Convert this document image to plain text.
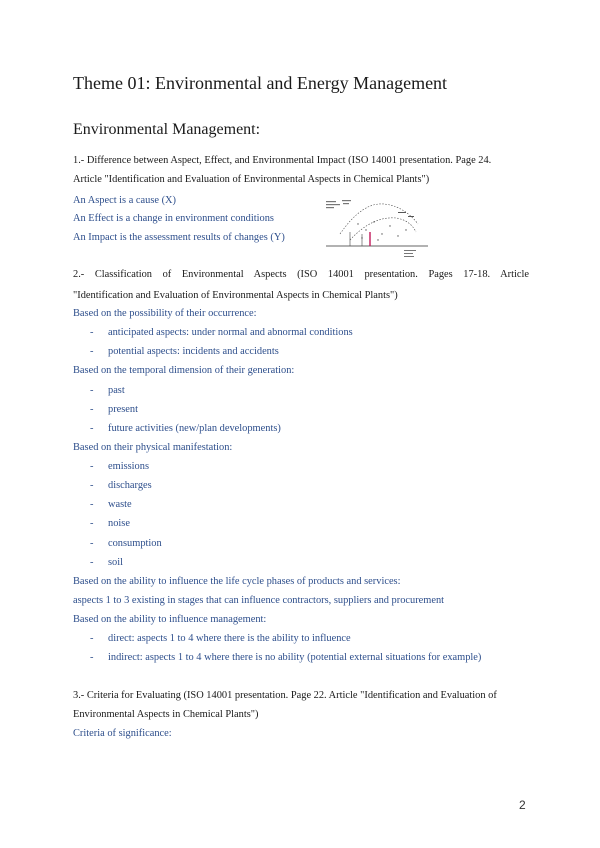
Theme 01: Environmental and Energy Management
Environmental Management:
1.- Difference between Aspect, Effect, and Environmental Impact (ISO 14001 presentation. Page 24.
Article "Identification and Evaluation of Environmental Aspects in Chemical Plants")
An Aspect is a cause (X)
An Effect is a change in environment conditions
An Impact is the assessment results of changes (Y)
2.- Classification of Environmental Aspects (ISO 14001 presentation. Pages 17-18. Article
"Identification and Evaluation of Environmental Aspects in Chemical Plants")
Based on the possibility of their occurrence:
- anticipated aspects: under normal and abnormal conditions
- potential aspects: incidents and accidents
Based on the temporal dimension of their generation:
- past
- present
- future activities (new/plan developments)
Based on their physical manifestation:
- emissions
- discharges
- waste
- noise
- consumption
- soil
Based on the ability to influence the life cycle phases of products and services:
aspects 1 to 3 existing in stages that can influence contractors, suppliers and procurement
Based on the ability to influence management:
- direct: aspects 1 to 4 where there is the ability to influence
- indirect: aspects 1 to 4 where there is no ability (potential external situations for example)
3.- Criteria for Evaluating (ISO 14001 presentation. Page 22. Article "Identification and Evaluation of
Environmental Aspects in Chemical Plants")
Criteria of significance:
2
